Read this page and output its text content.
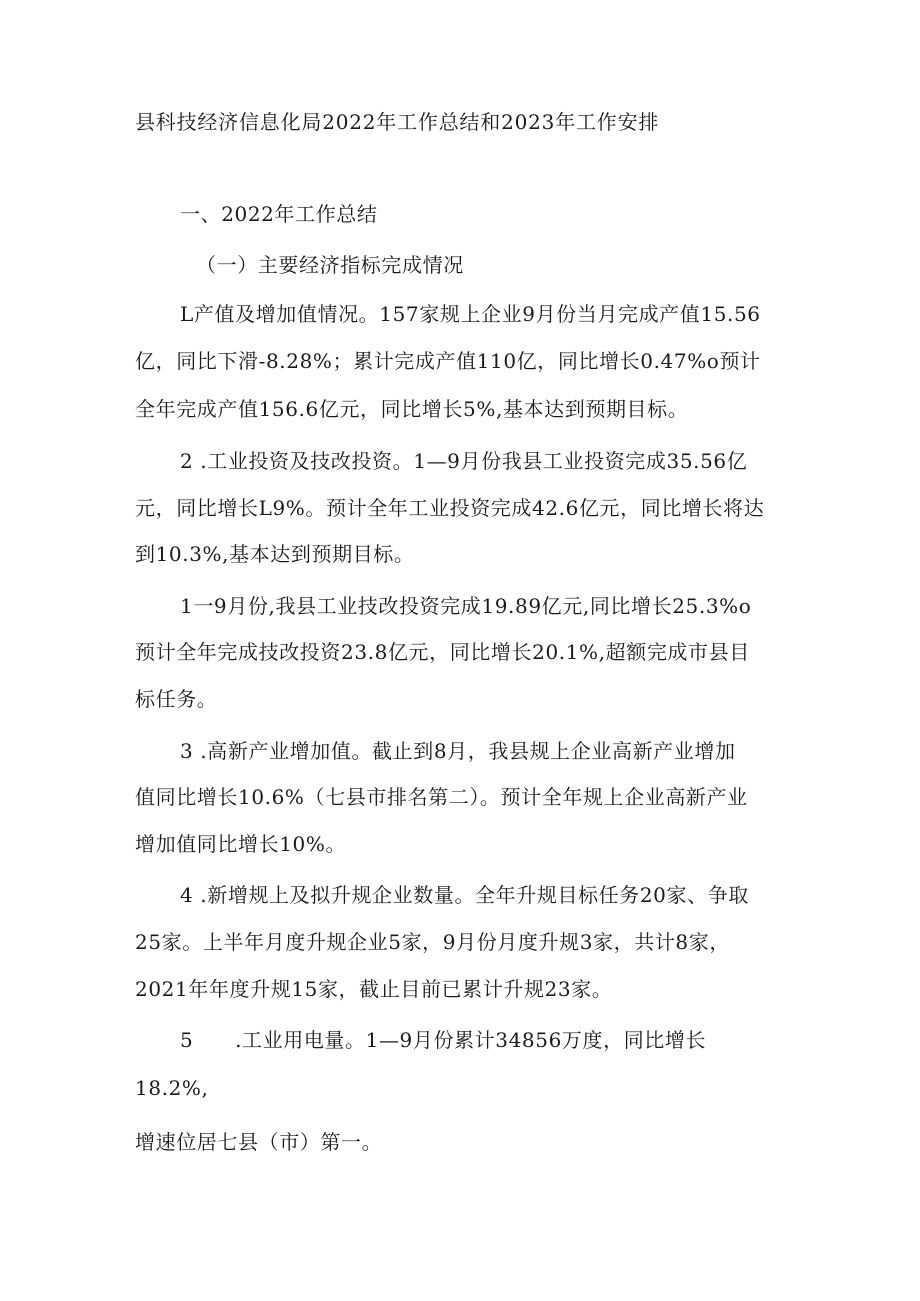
县科技经济信息化局2022年工作总结和2023年工作安排
一、2022年工作总结
（一）主要经济指标完成情况
L产值及增加值情况。157家规上企业9月份当月完成产值15.56
亿，同比下滑-8.28%；累计完成产值110亿，同比增长0.47%o预计
全年完成产值156.6亿元，同比增长5%,基本达到预期目标。
2 .工业投资及技改投资。1—9月份我县工业投资完成35.56亿
元，同比增长L9%。预计全年工业投资完成42.6亿元，同比增长将达
到10.3%,基本达到预期目标。
1一9月份,我县工业技改投资完成19.89亿元,同比增长25.3%o
预计全年完成技改投资23.8亿元，同比增长20.1%,超额完成市县目
标任务。
3 .高新产业增加值。截止到8月，我县规上企业高新产业增加
值同比增长10.6%（七县市排名第二）。预计全年规上企业高新产业
增加值同比增长10%。
4 .新增规上及拟升规企业数量。全年升规目标任务20家、争取
25家。上半年月度升规企业5家，9月份月度升规3家，共计8家，
2021年年度升规15家，截止目前已累计升规23家。
5      .工业用电量。1—9月份累计34856万度，同比增长
18.2%,
增速位居七县（市）第一。
